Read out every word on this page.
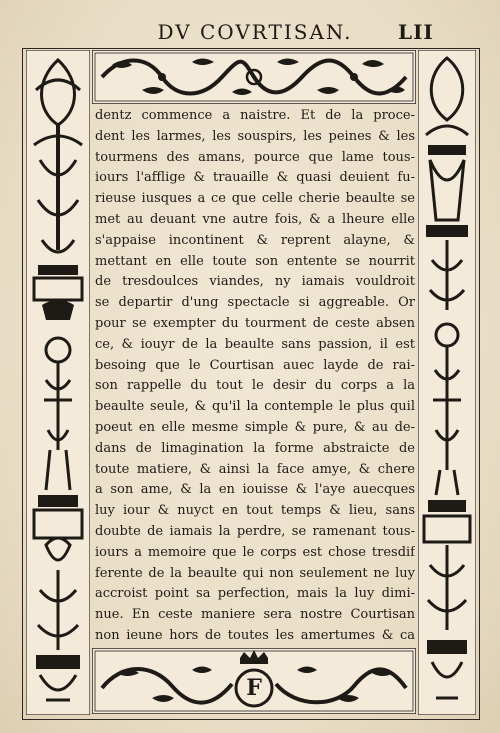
DV COVRTISAN.	LII
dentz commence a naistre. Et de la proce-
dent les larmes, les souspirs, les peines & les
tourmens des amans, pource que lame tous-
iours l'afflige & trauaille & quasi deuient fu-
rieuse iusques a ce que celle cherie beaulte se
met au deuant vne autre fois, & a lheure elle
s'appaise incontinent & reprent alayne, &
mettant en elle toute son entente se nourrit
de tresdoulces viandes, ny iamais vouldroit
se departir d'ung spectacle si aggreable. Or
pour se exempter du tourment de ceste absen
ce, & iouyr de la beaulte sans passion, il est
besoing que le Courtisan auec layde de rai-
son rappelle du tout le desir du corps a la
beaulte seule, & qu'il la contemple le plus quil
poeut en elle mesme simple & pure, & au de-
dans de limagination la forme abstraicte de
toute matiere, & ainsi la face amye, & chere
a son ame, & la en iouisse & l'aye auecques
luy iour & nuyct en tout temps & lieu, sans
doubte de iamais la perdre, se ramenant tous-
iours a memoire que le corps est chose tresdif
ferente de la beaulte qui non seulement ne luy
accroist point sa perfection, mais la luy dimi-
nue. En ceste maniere sera nostre Courtisan
non ieune hors de toutes les amertumes & ca
F
